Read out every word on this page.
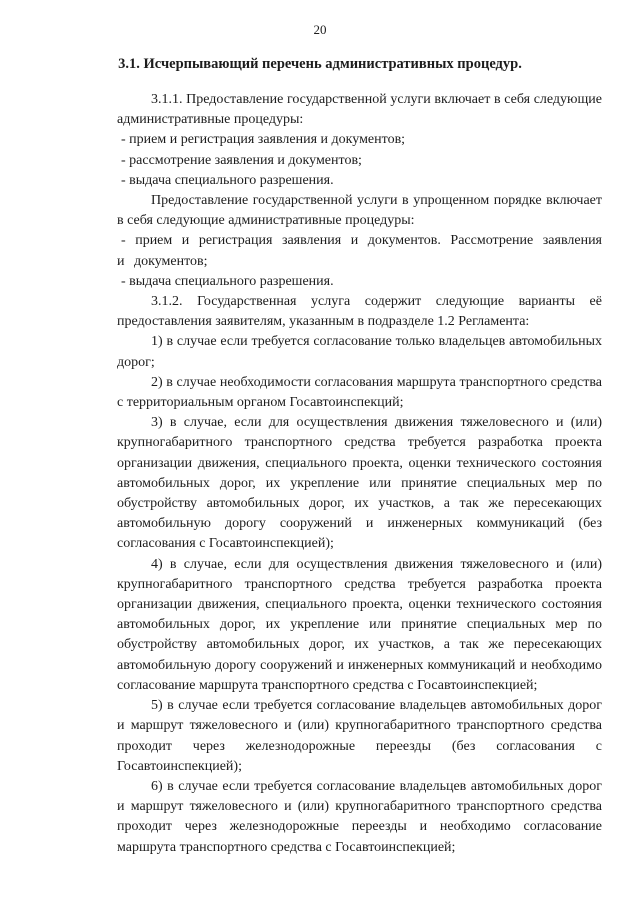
20
3.1. Исчерпывающий перечень административных процедур.

3.1.1. Предоставление государственной услуги включает в себя следующие административные процедуры:

- прием и регистрация заявления и документов;

- рассмотрение заявления и документов;

- выдача специального разрешения.

Предоставление государственной услуги в упрощенном порядке включает в себя следующие административные процедуры:

- прием и регистрация заявления и документов. Рассмотрение заявления и документов;

- выдача специального разрешения.

3.1.2. Государственная услуга содержит следующие варианты её предоставления заявителям, указанным в подразделе 1.2 Регламента:

1) в случае если требуется согласование только владельцев автомобильных дорог;

2) в случае необходимости согласования маршрута транспортного средства с территориальным органом Госавтоинспекций;

3) в случае, если для осуществления движения тяжеловесного и (или) крупногабаритного транспортного средства требуется разработка проекта организации движения, специального проекта, оценки технического состояния автомобильных дорог, их укрепление или принятие специальных мер по обустройству автомобильных дорог, их участков, а так же пересекающих автомобильную дорогу сооружений и инженерных коммуникаций (без согласования с Госавтоинспекцией);

4) в случае, если для осуществления движения тяжеловесного и (или) крупногабаритного транспортного средства требуется разработка проекта организации движения, специального проекта, оценки технического состояния автомобильных дорог, их укрепление или принятие специальных мер по обустройству автомобильных дорог, их участков, а так же пересекающих автомобильную дорогу сооружений и инженерных коммуникаций и необходимо согласование маршрута транспортного средства с Госавтоинспекцией;

5) в случае если требуется согласование владельцев автомобильных дорог и маршрут тяжеловесного и (или) крупногабаритного транспортного средства проходит через железнодорожные переезды (без согласования с Госавтоинспекцией);

6) в случае если требуется согласование владельцев автомобильных дорог и маршрут тяжеловесного и (или) крупногабаритного транспортного средства проходит через железнодорожные переезды и необходимо согласование маршрута транспортного средства с Госавтоинспекцией;
